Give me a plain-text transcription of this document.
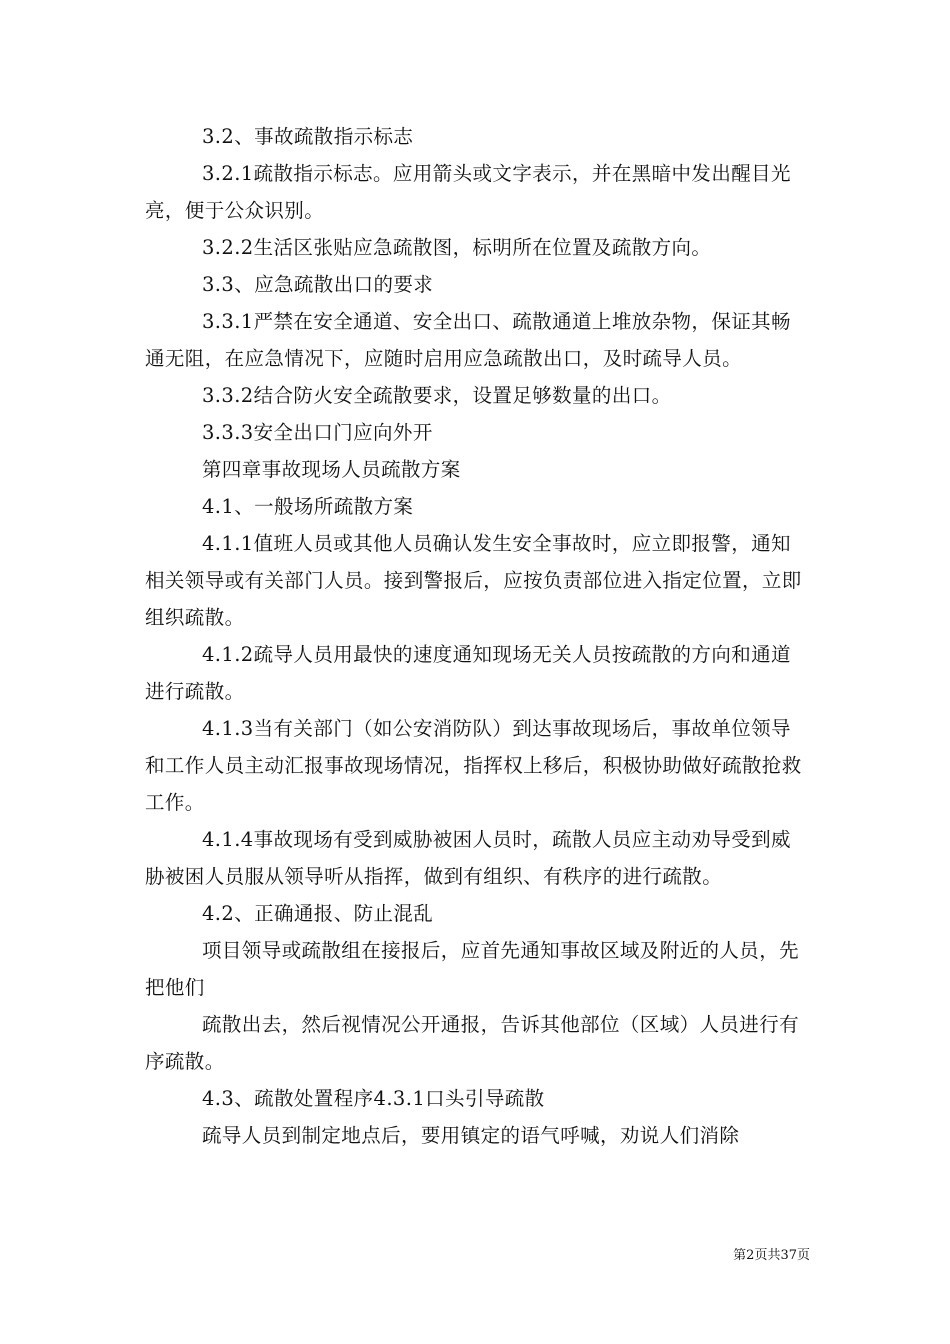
3.2、事故疏散指示标志

3.2.1疏散指示标志。应用箭头或文字表示，并在黑暗中发出醒目光亮，便于公众识别。

3.2.2生活区张贴应急疏散图，标明所在位置及疏散方向。

3.3、应急疏散出口的要求

3.3.1严禁在安全通道、安全出口、疏散通道上堆放杂物，保证其畅通无阻，在应急情况下，应随时启用应急疏散出口，及时疏导人员。

3.3.2结合防火安全疏散要求，设置足够数量的出口。

3.3.3安全出口门应向外开

第四章事故现场人员疏散方案

4.1、一般场所疏散方案

4.1.1值班人员或其他人员确认发生安全事故时，应立即报警，通知相关领导或有关部门人员。接到警报后，应按负责部位进入指定位置，立即组织疏散。

4.1.2疏导人员用最快的速度通知现场无关人员按疏散的方向和通道进行疏散。

4.1.3当有关部门（如公安消防队）到达事故现场后，事故单位领导和工作人员主动汇报事故现场情况，指挥权上移后，积极协助做好疏散抢救工作。

4.1.4事故现场有受到威胁被困人员时，疏散人员应主动劝导受到威胁被困人员服从领导听从指挥，做到有组织、有秩序的进行疏散。

4.2、正确通报、防止混乱

项目领导或疏散组在接报后，应首先通知事故区域及附近的人员，先把他们

疏散出去，然后视情况公开通报，告诉其他部位（区域）人员进行有序疏散。

4.3、疏散处置程序4.3.1口头引导疏散

疏导人员到制定地点后，要用镇定的语气呼喊，劝说人们消除

第2页共37页
